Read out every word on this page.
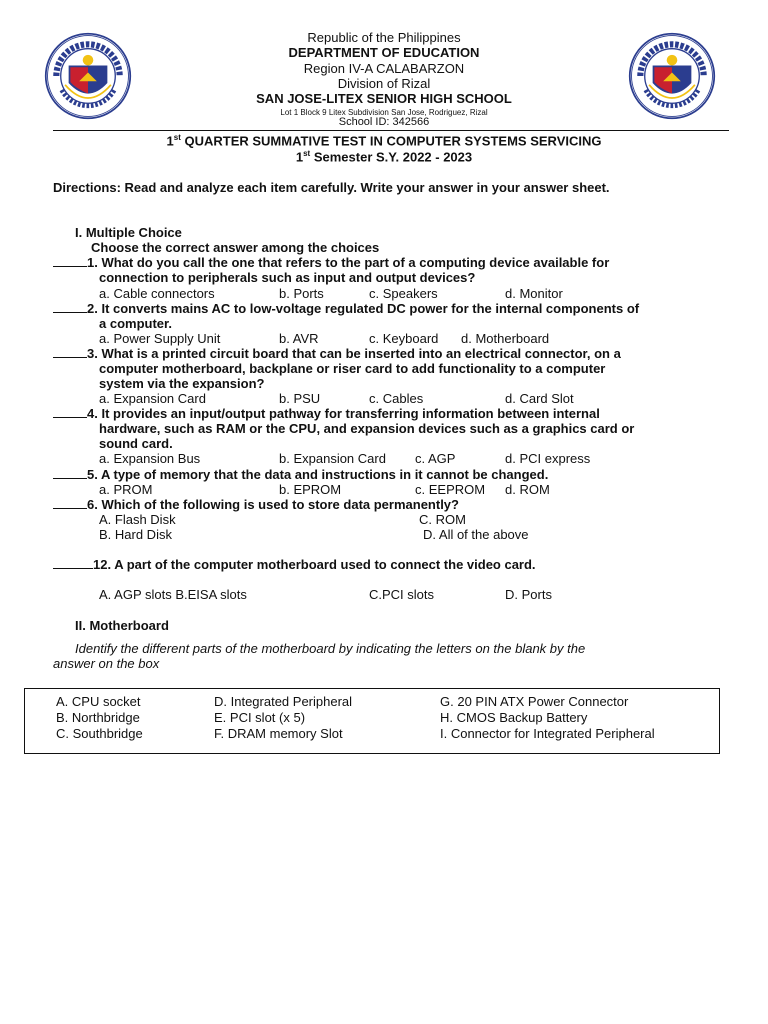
Republic of the Philippines
DEPARTMENT OF EDUCATION
Region IV-A CALABARZON
Division of Rizal
SAN JOSE-LITEX SENIOR HIGH SCHOOL
Lot 1 Block 9 Litex Subdivision San Jose, Rodriguez, Rizal
School ID: 342566
1st QUARTER SUMMATIVE TEST IN COMPUTER SYSTEMS SERVICING
1st Semester S.Y. 2022 - 2023
Directions: Read and analyze each item carefully. Write your answer in your answer sheet.
I. Multiple Choice
Choose the correct answer among the choices
1. What do you call the one that refers to the part of a computing device available for
connection to peripherals such as input and output devices?
a. Cable connectors	b. Ports	c. Speakers	d. Monitor
2. It converts mains AC to low-voltage regulated DC power for the internal components of
a computer.
a. Power Supply Unit	b. AVR	c. Keyboard d. Motherboard
3. What is a printed circuit board that can be inserted into an electrical connector, on a
computer motherboard, backplane or riser card to add functionality to a computer
system via the expansion?
a. Expansion Card	b. PSU	c. Cables	d. Card Slot
4. It provides an input/output pathway for transferring information between internal
hardware, such as RAM or the CPU, and expansion devices such as a graphics card or
sound card.
a. Expansion Bus	b. Expansion Card c. AGP	d. PCI express
5. A type of memory that the data and instructions in it cannot be changed.
a. PROM	b. EPROM	c. EEPROM d. ROM
6. Which of the following is used to store data permanently?
A. Flash Disk	C. ROM
B. Hard Disk	D. All of the above
12. A part of the computer motherboard used to connect the video card.
A. AGP slots B.EISA slots	C.PCI slots	D. Ports
II. Motherboard
Identify the different parts of the motherboard by indicating the letters on the blank by the
answer on the box
A. CPU socket
B. Northbridge
C. Southbridge
D. Integrated Peripheral
E. PCI slot (x 5)
F. DRAM memory Slot
G. 20 PIN ATX Power Connector
H. CMOS Backup Battery
I. Connector for Integrated Peripheral
